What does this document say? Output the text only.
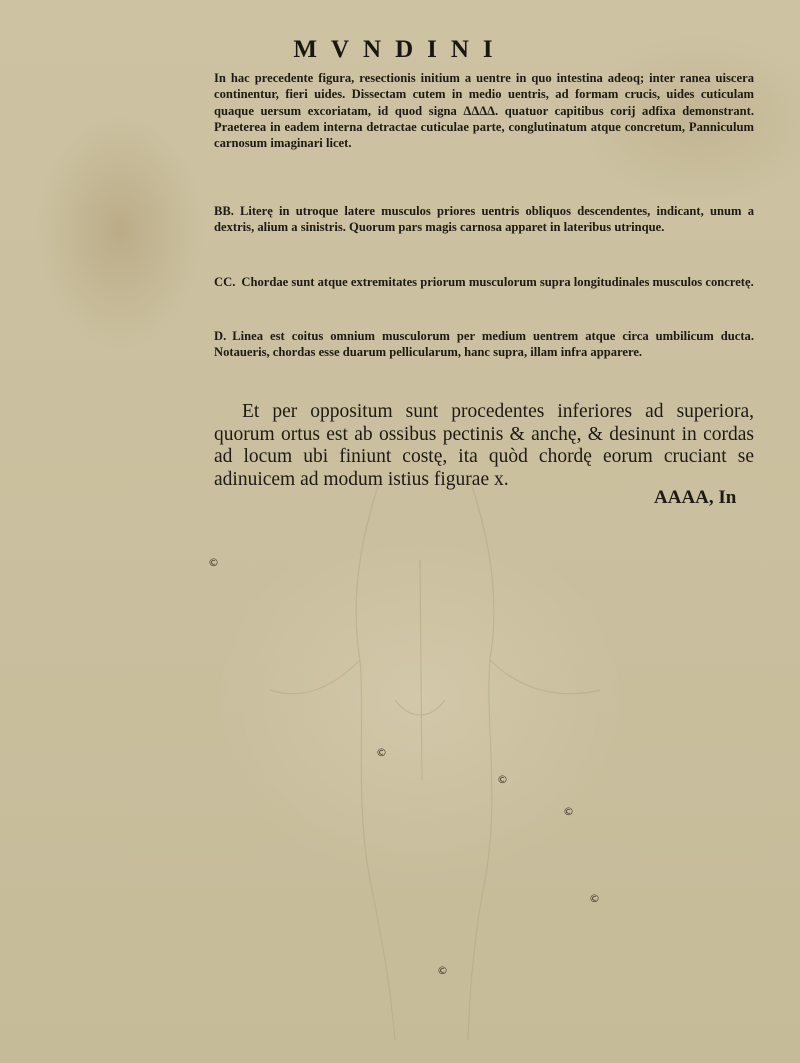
MVNDINI

In hac precedente figura, resectionis initium a uentre in quo intestina adeoq; inter ranea uiscera continentur, fieri uides. Dissectam cutem in medio uentris, ad formam crucis, uides cuticulam quaque uersum excoriatam, id quod signa ΔΔΔΔ. quatuor capitibus corij adfixa demonstrant. Praeterea in eadem interna detractae cuticulae parte, conglutinatum atque concretum, Panniculum carnosum imaginari licet.

BB. Literę in utroque latere musculos priores uentris obliquos descendentes, indicant, unum a dextris, alium a sinistris. Quorum pars magis carnosa apparet in lateribus utrinque.

CC. Chordae sunt atque extremitates priorum musculorum supra longitudinales musculos concretę.

D. Linea est coitus omnium musculorum per medium uentrem atque circa umbilicum ducta. Notaueris, chordas esse duarum pellicularum, hanc supra, illam infra apparere.

Et per oppositum sunt procedentes inferiores ad superiora, quorum ortus est ab ossibus pectinis & anchę, & desinunt in cordas ad locum ubi finiunt costę, ita quòd chordę eorum cruciant se adinuicem ad modum istius figurae x.

AAAA, In
©
©
©
©
©
©
